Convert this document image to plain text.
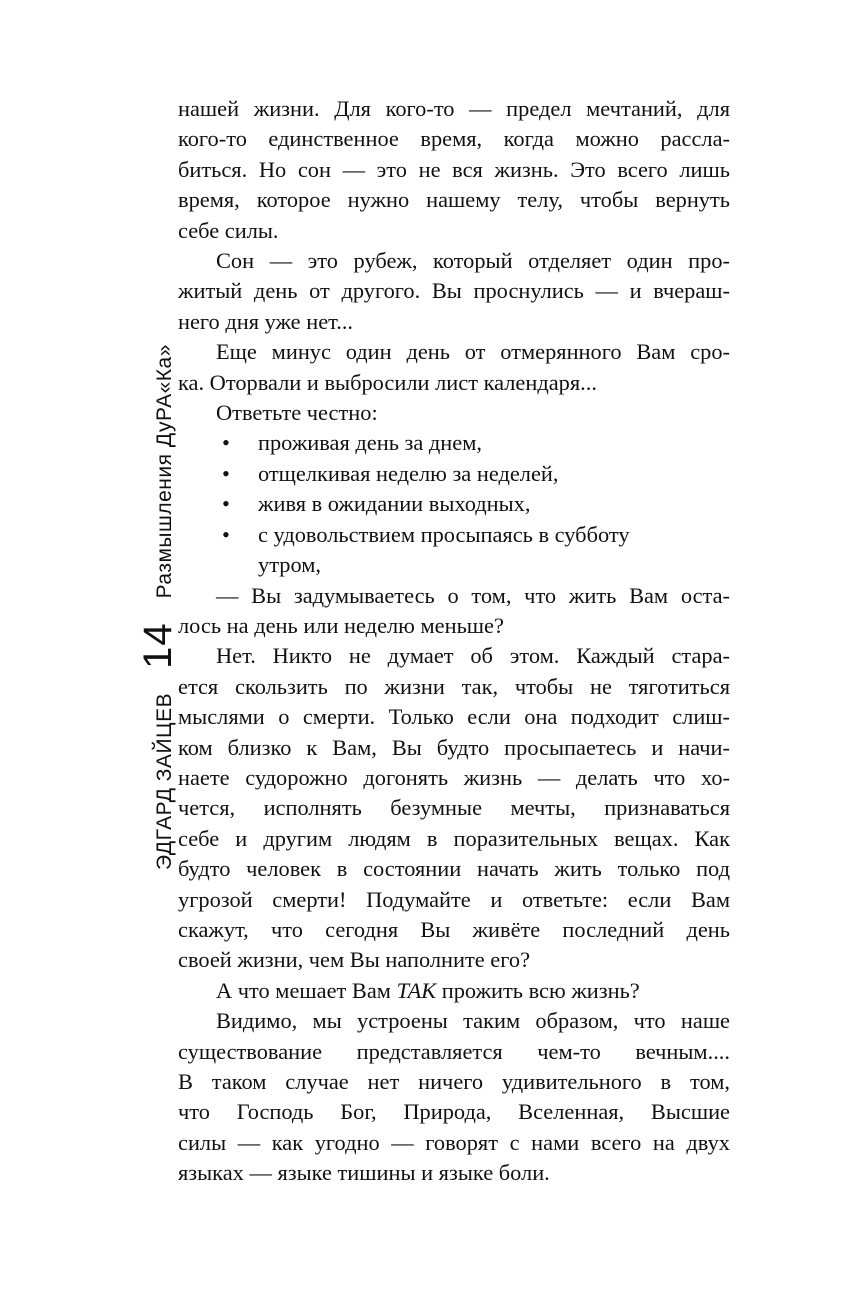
ЭДГАРД ЗАЙЦЕВ
14
Размышления ДуРА«Ка»

нашей жизни. Для кого-то — предел мечтаний, для

кого-то единственное время, когда можно рассла-

биться. Но сон — это не вся жизнь. Это всего лишь

время, которое нужно нашему телу, чтобы вернуть

себе силы.

Сон — это рубеж, который отделяет один про-

житый день от другого. Вы проснулись — и вчераш-

него дня уже нет...

Еще минус один день от отмерянного Вам сро-

ка. Оторвали и выбросили лист календаря...

Ответьте честно:

• проживая день за днем,

• отщелкивая неделю за неделей,

• живя в ожидании выходных,

• с удовольствием просыпаясь в субботу

утром,

— Вы задумываетесь о том, что жить Вам оста-

лось на день или неделю меньше?

Нет. Никто не думает об этом. Каждый стара-

ется скользить по жизни так, чтобы не тяготиться

мыслями о смерти. Только если она подходит слиш-

ком близко к Вам, Вы будто просыпаетесь и начи-

наете судорожно догонять жизнь — делать что хо-

чется, исполнять безумные мечты, признаваться

себе и другим людям в поразительных вещах. Как

будто человек в состоянии начать жить только под

угрозой смерти! Подумайте и ответьте: если Вам

скажут, что сегодня Вы живёте последний день

своей жизни, чем Вы наполните его?

А что мешает Вам ТАК прожить всю жизнь?

Видимо, мы устроены таким образом, что наше

существование представляется чем-то вечным....

В таком случае нет ничего удивительного в том,

что Господь Бог, Природа, Вселенная, Высшие

силы — как угодно — говорят с нами всего на двух

языках — языке тишины и языке боли.
